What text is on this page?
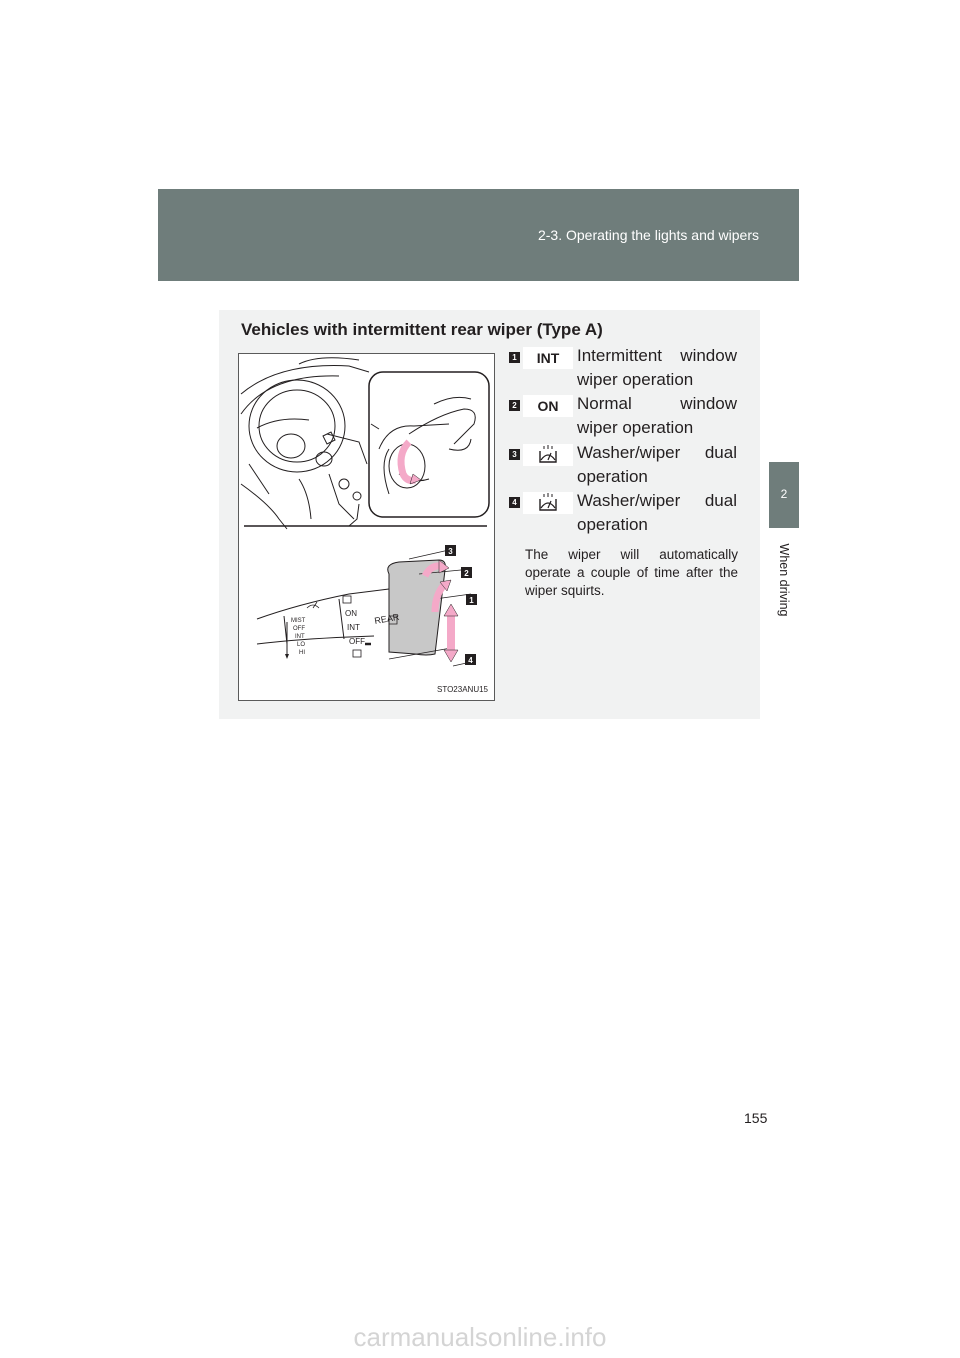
2-3. Operating the lights and wipers
2
When driving
Vehicles with intermittent rear wiper (Type A)
3
2
1
4
MIST
OFF
INT
LO
HI
ON
INT
OFF
REAR
STO23ANU15
1	INT	Intermittent window wiper operation
2	ON	Normal window wiper operation
3	Washer/wiper dual operation
4	Washer/wiper dual operation
The wiper will automatically operate a couple of time after the wiper squirts.
155
carmanualsonline.info
